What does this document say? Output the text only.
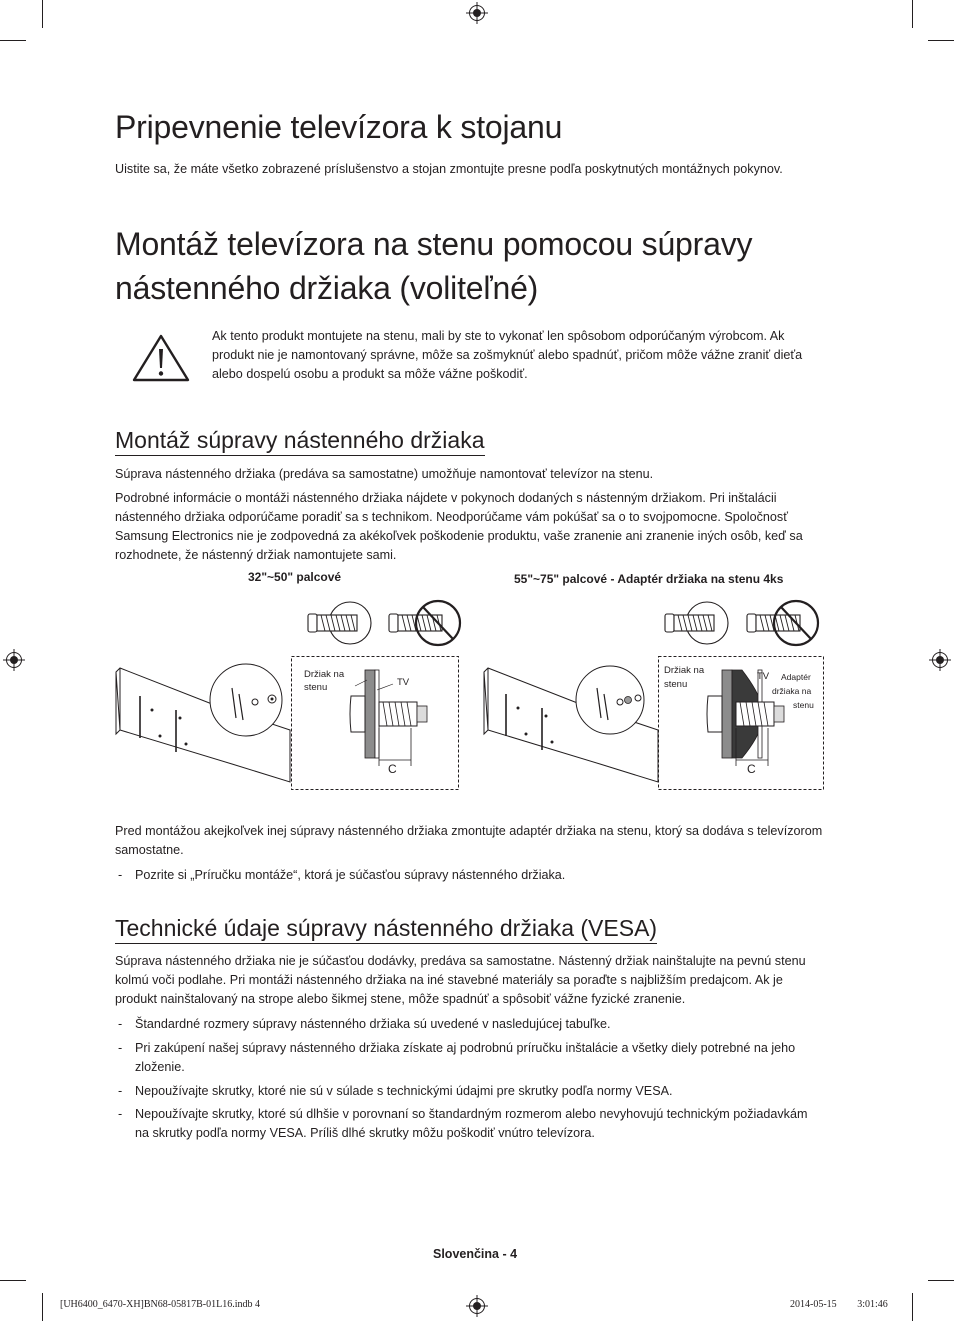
Pripevnenie televízora k stojanu

Uistite sa, že máte všetko zobrazené príslušenstvo a stojan zmontujte presne podľa poskytnutých montážnych pokynov.

Montáž televízora na stenu pomocou súpravy
nástenného držiaka (voliteľné)
Ak tento produkt montujete na stenu, mali by ste to vykonať len spôsobom odporúčaným výrobcom. Ak
produkt nie je namontovaný správne, môže sa zošmyknúť alebo spadnúť, pričom môže vážne zraniť dieťa
alebo dospelú osobu a produkt sa môže vážne poškodiť.
Montáž súpravy nástenného držiaka
Súprava nástenného držiaka (predáva sa samostatne) umožňuje namontovať televízor na stenu.
Podrobné informácie o montáži nástenného držiaka nájdete v pokynoch dodaných s nástenným držiakom. Pri inštalácii
nástenného držiaka odporúčame poradiť sa s technikom. Neodporúčame vám pokúšať sa o to svojpomocne. Spoločnosť
Samsung Electronics nie je zodpovedná za akékoľvek poškodenie produktu, vaše zranenie ani zranenie iných osôb, keď sa
rozhodnete, že nástenný držiak namontujete sami.
32"~50" palcové	55"~75" palcové - Adaptér držiaka na stenu 4ks
Držiak na
stenu	TV
C
Držiak na
stenu
TV Adaptér
držiaka na
stenu
C
Pred montážou akejkoľvek inej súpravy nástenného držiaka zmontujte adaptér držiaka na stenu, ktorý sa dodáva s televízorom
samostatne.
- Pozrite si „Príručku montáže“, ktorá je súčasťou súpravy nástenného držiaka.
Technické údaje súpravy nástenného držiaka (VESA)
Súprava nástenného držiaka nie je súčasťou dodávky, predáva sa samostatne. Nástenný držiak nainštalujte na pevnú stenu
kolmú voči podlahe. Pri montáži nástenného držiaka na iné stavebné materiály sa poraďte s najbližším predajcom. Ak je
produkt nainštalovaný na strope alebo šikmej stene, môže spadnúť a spôsobiť vážne fyzické zranenie.
- Štandardné rozmery súpravy nástenného držiaka sú uvedené v nasledujúcej tabuľke.
- Pri zakúpení našej súpravy nástenného držiaka získate aj podrobnú príručku inštalácie a všetky diely potrebné na jeho
zloženie.
- Nepoužívajte skrutky, ktoré nie sú v súlade s technickými údajmi pre skrutky podľa normy VESA.
- Nepoužívajte skrutky, ktoré sú dlhšie v porovnaní so štandardným rozmerom alebo nevyhovujú technickým požiadavkám
na skrutky podľa normy VESA. Príliš dlhé skrutky môžu poškodiť vnútro televízora.
Slovenčina - 4
[UH6400_6470-XH]BN68-05817B-01L16.indb 4	2014-05-15 ￿￿ 3:01:46
